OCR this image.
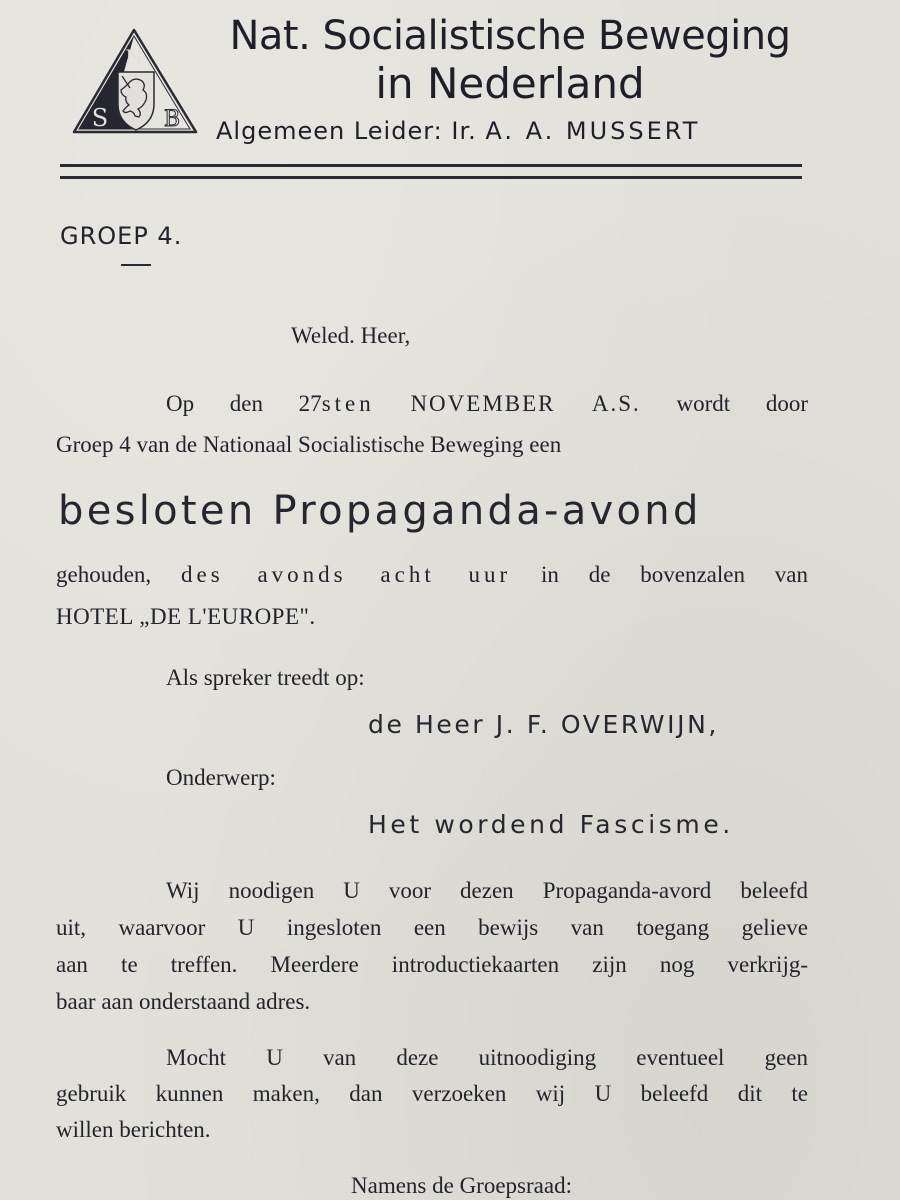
N
S	B
Nat. Socialistische Beweging
in Nederland
Algemeen Leider: Ir. A. A. MUSSERT
GROEP 4.
Weled. Heer,
Op den 27sten NOVEMBER A.S. wordt door
Groep 4 van de Nationaal Socialistische Beweging een
besloten Propaganda-avond
gehouden, des avonds acht uur in de bovenzalen van
HOTEL „DE L'EUROPE".
Als spreker treedt op:
de Heer J. F. OVERWIJN,
Onderwerp:
Het wordend Fascisme.
Wij noodigen U voor dezen Propaganda-avord beleefd
uit, waarvoor U ingesloten een bewijs van toegang gelieve
aan te treffen. Meerdere introductiekaarten zijn nog verkrijg-
baar aan onderstaand adres.
Mocht U van deze uitnoodiging eventueel geen
gebruik kunnen maken, dan verzoeken wij U beleefd dit te
willen berichten.
Namens de Groepsraad:
